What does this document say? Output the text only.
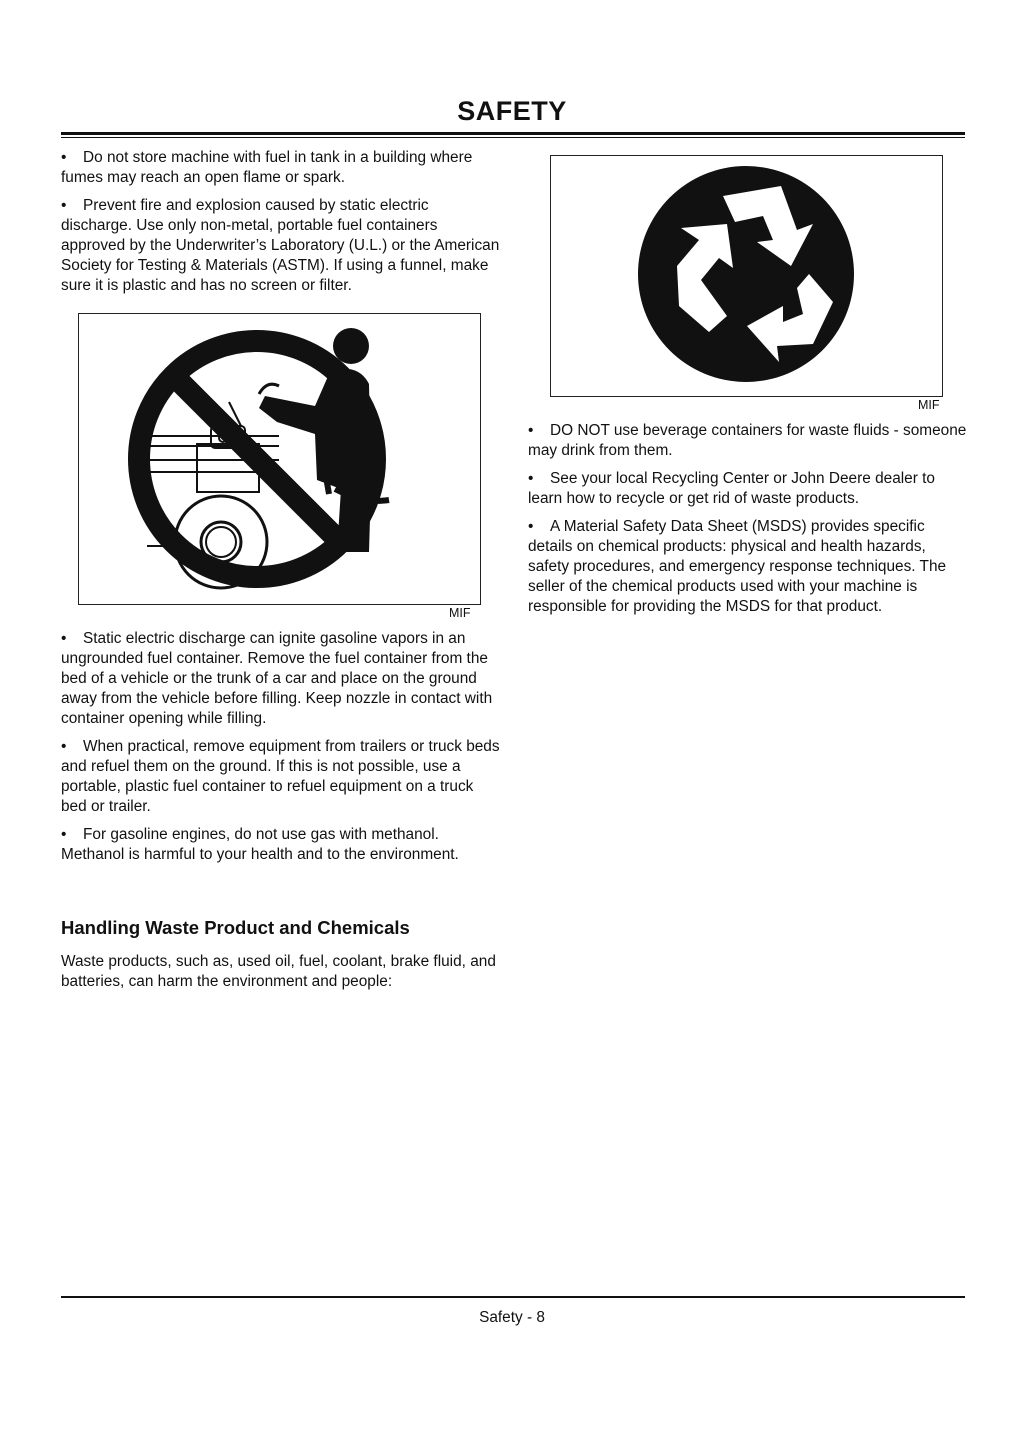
SAFETY

• Do not store machine with fuel in tank in a building where fumes may reach an open flame or spark.

• Prevent fire and explosion caused by static electric discharge. Use only non-metal, portable fuel containers approved by the Underwriter’s Laboratory (U.L.) or the American Society for Testing & Materials (ASTM). If using a funnel, make sure it is plastic and has no screen or filter.

MIF

• Static electric discharge can ignite gasoline vapors in an ungrounded fuel container. Remove the fuel container from the bed of a vehicle or the trunk of a car and place on the ground away from the vehicle before filling. Keep nozzle in contact with container opening while filling.

• When practical, remove equipment from trailers or truck beds and refuel them on the ground. If this is not possible, use a portable, plastic fuel container to refuel equipment on a truck bed or trailer.

• For gasoline engines, do not use gas with methanol. Methanol is harmful to your health and to the environment.

Handling Waste Product and Chemicals
Waste products, such as, used oil, fuel, coolant, brake fluid, and batteries, can harm the environment and people:
MIF

• DO NOT use beverage containers for waste fluids - someone may drink from them.

• See your local Recycling Center or John Deere dealer to learn how to recycle or get rid of waste products.

• A Material Safety Data Sheet (MSDS) provides specific details on chemical products: physical and health hazards, safety procedures, and emergency response techniques. The seller of the chemical products used with your machine is responsible for providing the MSDS for that product.

Safety - 8
